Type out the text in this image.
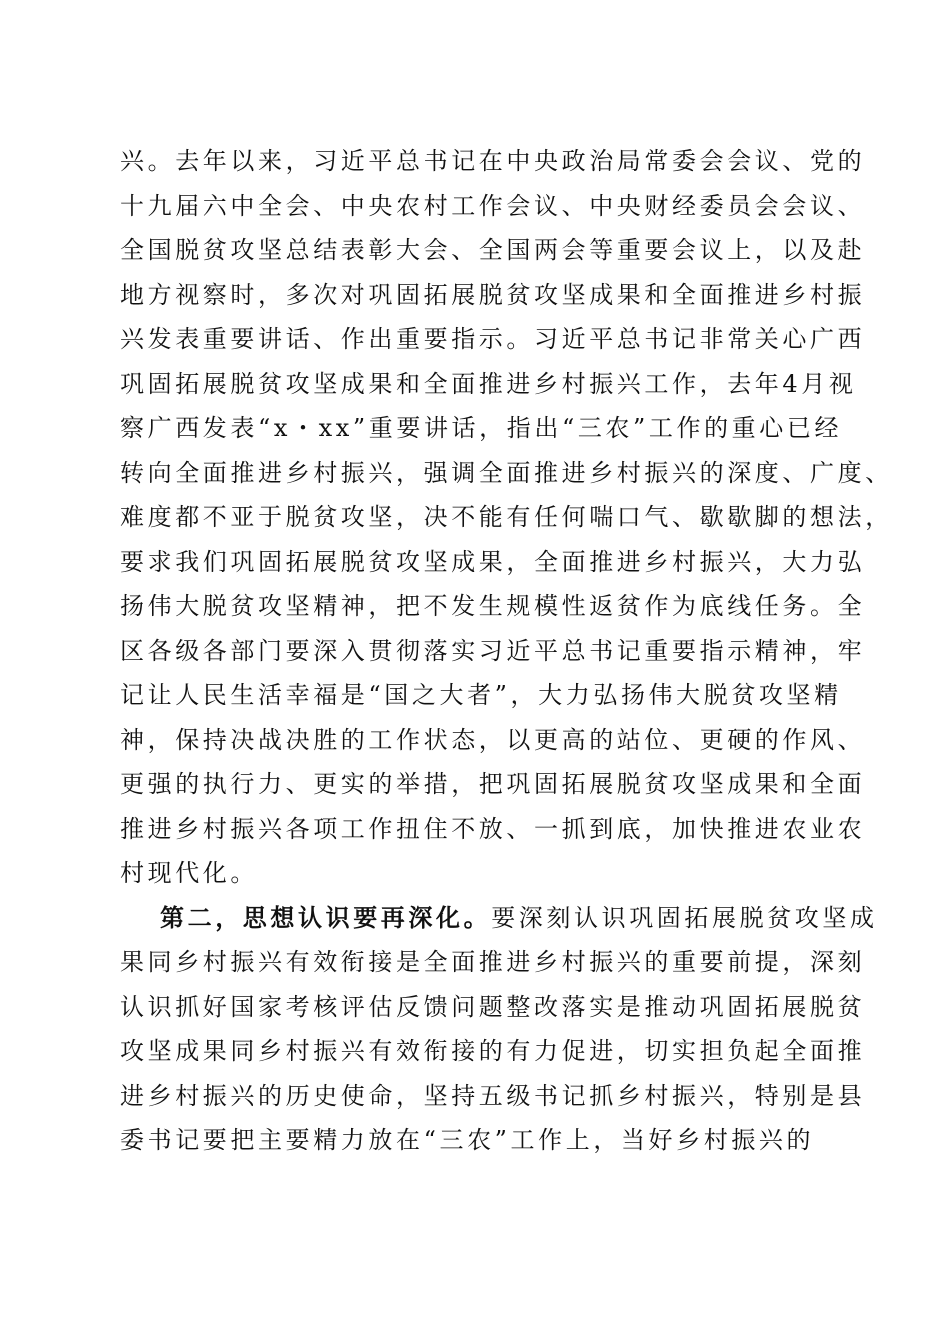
兴。去年以来，习近平总书记在中央政治局常委会会议、党的
十九届六中全会、中央农村工作会议、中央财经委员会会议、
全国脱贫攻坚总结表彰大会、全国两会等重要会议上，以及赴
地方视察时，多次对巩固拓展脱贫攻坚成果和全面推进乡村振
兴发表重要讲话、作出重要指示。习近平总书记非常关心广西
巩固拓展脱贫攻坚成果和全面推进乡村振兴工作，去年4月视
察广西发表“x・xx”重要讲话，指出“三农”工作的重心已经
转向全面推进乡村振兴，强调全面推进乡村振兴的深度、广度、
难度都不亚于脱贫攻坚，决不能有任何喘口气、歇歇脚的想法，
要求我们巩固拓展脱贫攻坚成果，全面推进乡村振兴，大力弘
扬伟大脱贫攻坚精神，把不发生规模性返贫作为底线任务。全
区各级各部门要深入贯彻落实习近平总书记重要指示精神，牢
记让人民生活幸福是“国之大者”，大力弘扬伟大脱贫攻坚精
神，保持决战决胜的工作状态，以更高的站位、更硬的作风、
更强的执行力、更实的举措，把巩固拓展脱贫攻坚成果和全面
推进乡村振兴各项工作扭住不放、一抓到底，加快推进农业农
村现代化。
第二，思想认识要再深化。要深刻认识巩固拓展脱贫攻坚成
果同乡村振兴有效衔接是全面推进乡村振兴的重要前提，深刻
认识抓好国家考核评估反馈问题整改落实是推动巩固拓展脱贫
攻坚成果同乡村振兴有效衔接的有力促进，切实担负起全面推
进乡村振兴的历史使命，坚持五级书记抓乡村振兴，特别是县
委书记要把主要精力放在“三农”工作上，当好乡村振兴的
